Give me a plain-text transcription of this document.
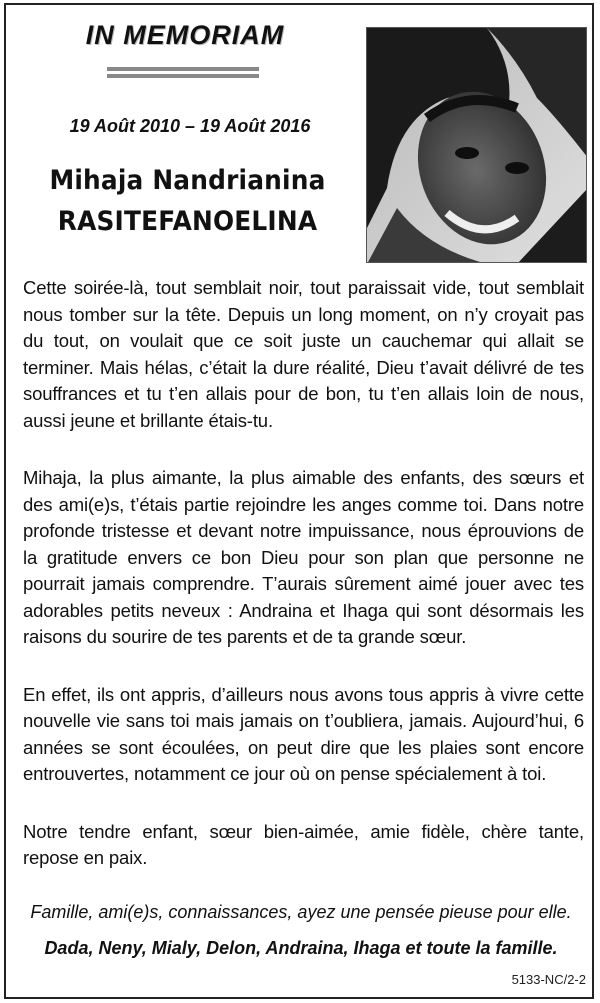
IN MEMORIAM
19 Août 2010 – 19 Août 2016
Mihaja Nandrianina
RASITEFANOELINA

Cette soirée-là, tout semblait noir, tout paraissait vide, tout semblait nous tomber sur la tête. Depuis un long moment, on n’y croyait pas du tout, on voulait que ce soit juste un cauchemar qui allait se terminer. Mais hélas, c’était la dure réalité, Dieu t’avait délivré de tes souffrances et tu t’en allais pour de bon, tu t’en allais loin de nous, aussi jeune et brillante étais-tu.

Mihaja, la plus aimante, la plus aimable des enfants, des sœurs et des ami(e)s, t’étais partie rejoindre les anges comme toi. Dans notre profonde tristesse et devant notre impuissance, nous éprouvions de la gratitude envers ce bon Dieu pour son plan que personne ne pourrait jamais comprendre. T’aurais sûrement aimé jouer avec tes adorables petits neveux : Andraina et Ihaga qui sont désormais les raisons du sourire de tes parents et de ta grande sœur.

En effet, ils ont appris, d’ailleurs nous avons tous appris à vivre cette nouvelle vie sans toi mais jamais on t’oubliera, jamais. Aujourd’hui, 6 années se sont écoulées, on peut dire que les plaies sont encore entrouvertes, notamment ce jour où on pense spécialement à toi.

Notre tendre enfant, sœur bien-aimée, amie fidèle, chère tante, repose en paix.

Famille, ami(e)s, connaissances, ayez une pensée pieuse pour elle.
Dada, Neny, Mialy, Delon, Andraina, Ihaga et toute la famille.
5133-NC/2-2
